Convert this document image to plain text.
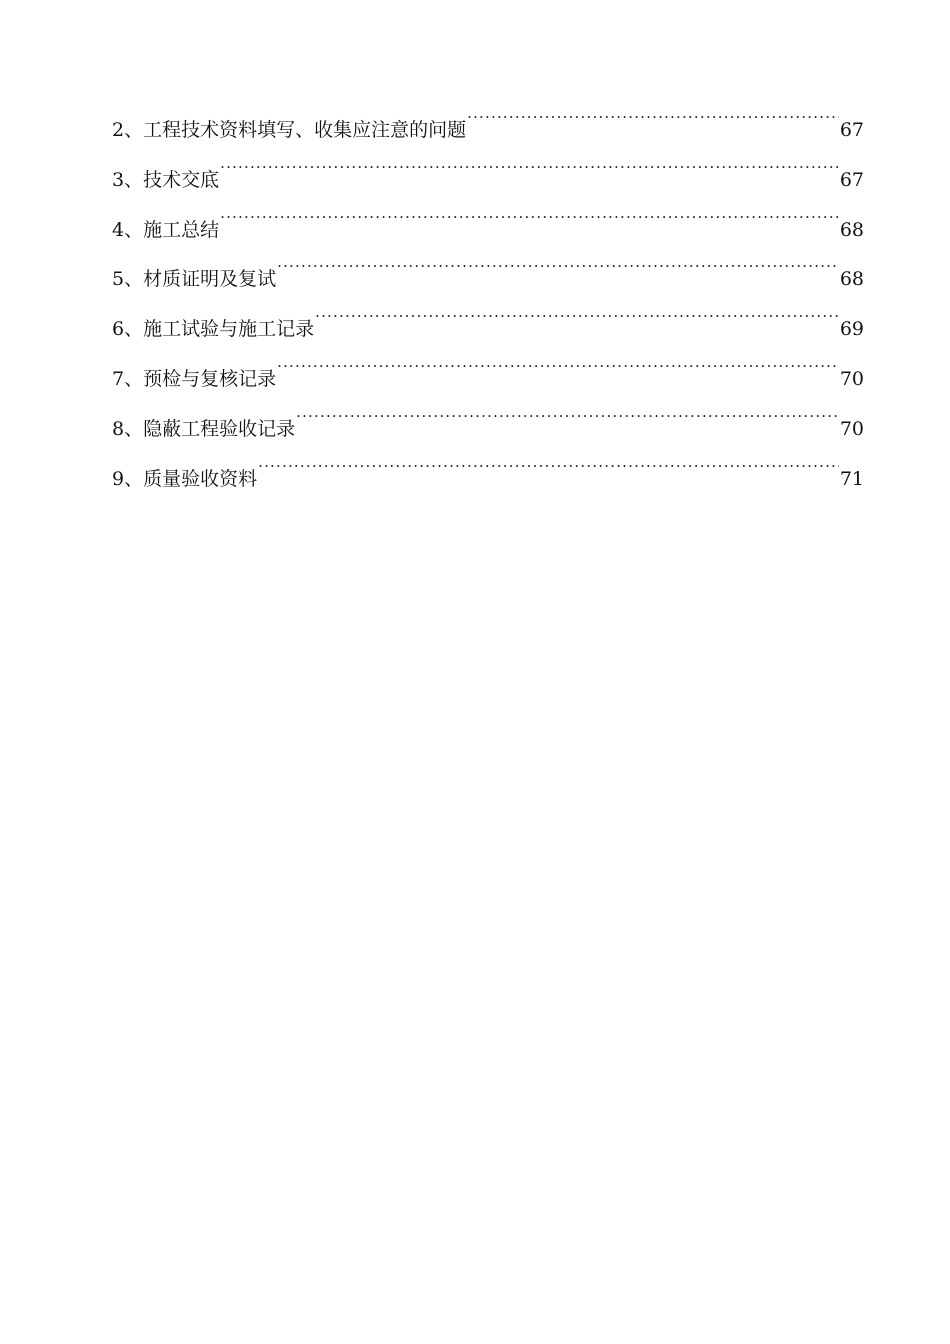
2、 工程技术资料填写、收集应注意的问题 ·····	67
3、 技术交底 ·····	67
4、 施工总结 ·····	68
5、 材质证明及复试 ·····	68
6、 施工试验与施工记录 ·····	69
7、 预检与复核记录 ·····	70
8、 隐蔽工程验收记录 ·····	70
9、 质量验收资料 ·····	71
